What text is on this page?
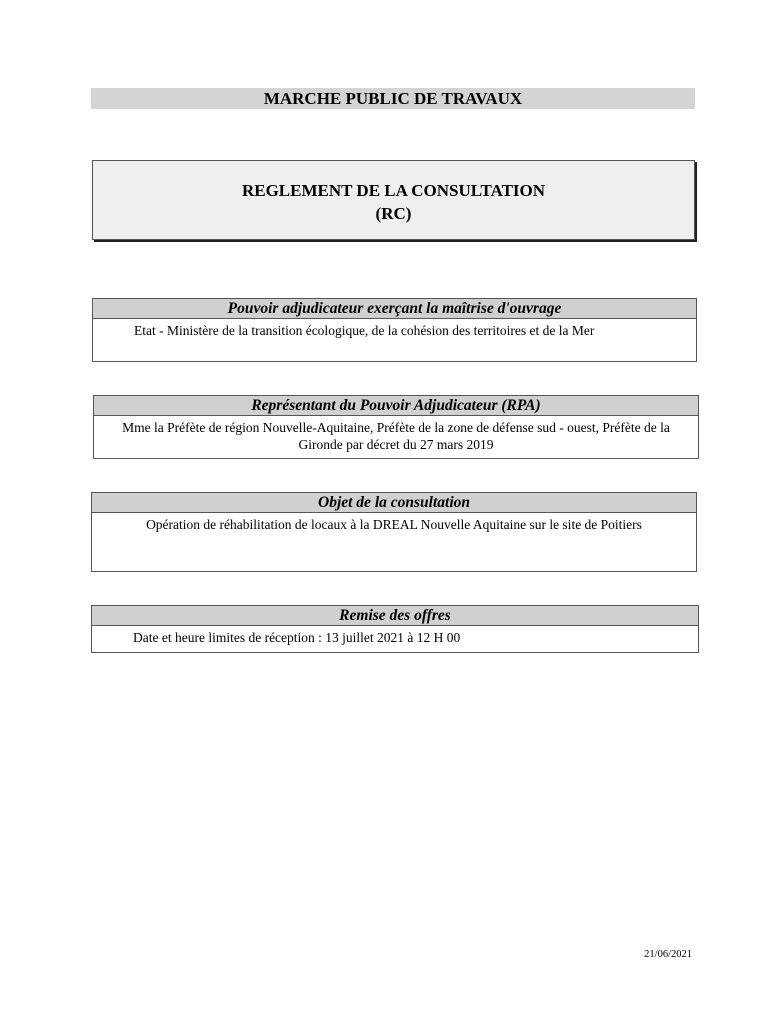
MARCHE PUBLIC DE TRAVAUX
REGLEMENT DE LA CONSULTATION
(RC)
Pouvoir adjudicateur exerçant la maîtrise d'ouvrage
Etat - Ministère de la transition écologique, de la cohésion des territoires et de la Mer
Représentant du Pouvoir Adjudicateur (RPA)
Mme la Préfète de région Nouvelle-Aquitaine, Préfète de la zone de défense sud - ouest, Préfète de la Gironde par décret du 27 mars 2019
Objet de la consultation
Opération de réhabilitation de locaux à la DREAL Nouvelle Aquitaine sur le site de Poitiers
Remise des offres
Date et heure limites de réception : 13 juillet 2021 à 12 H 00
21/06/2021
